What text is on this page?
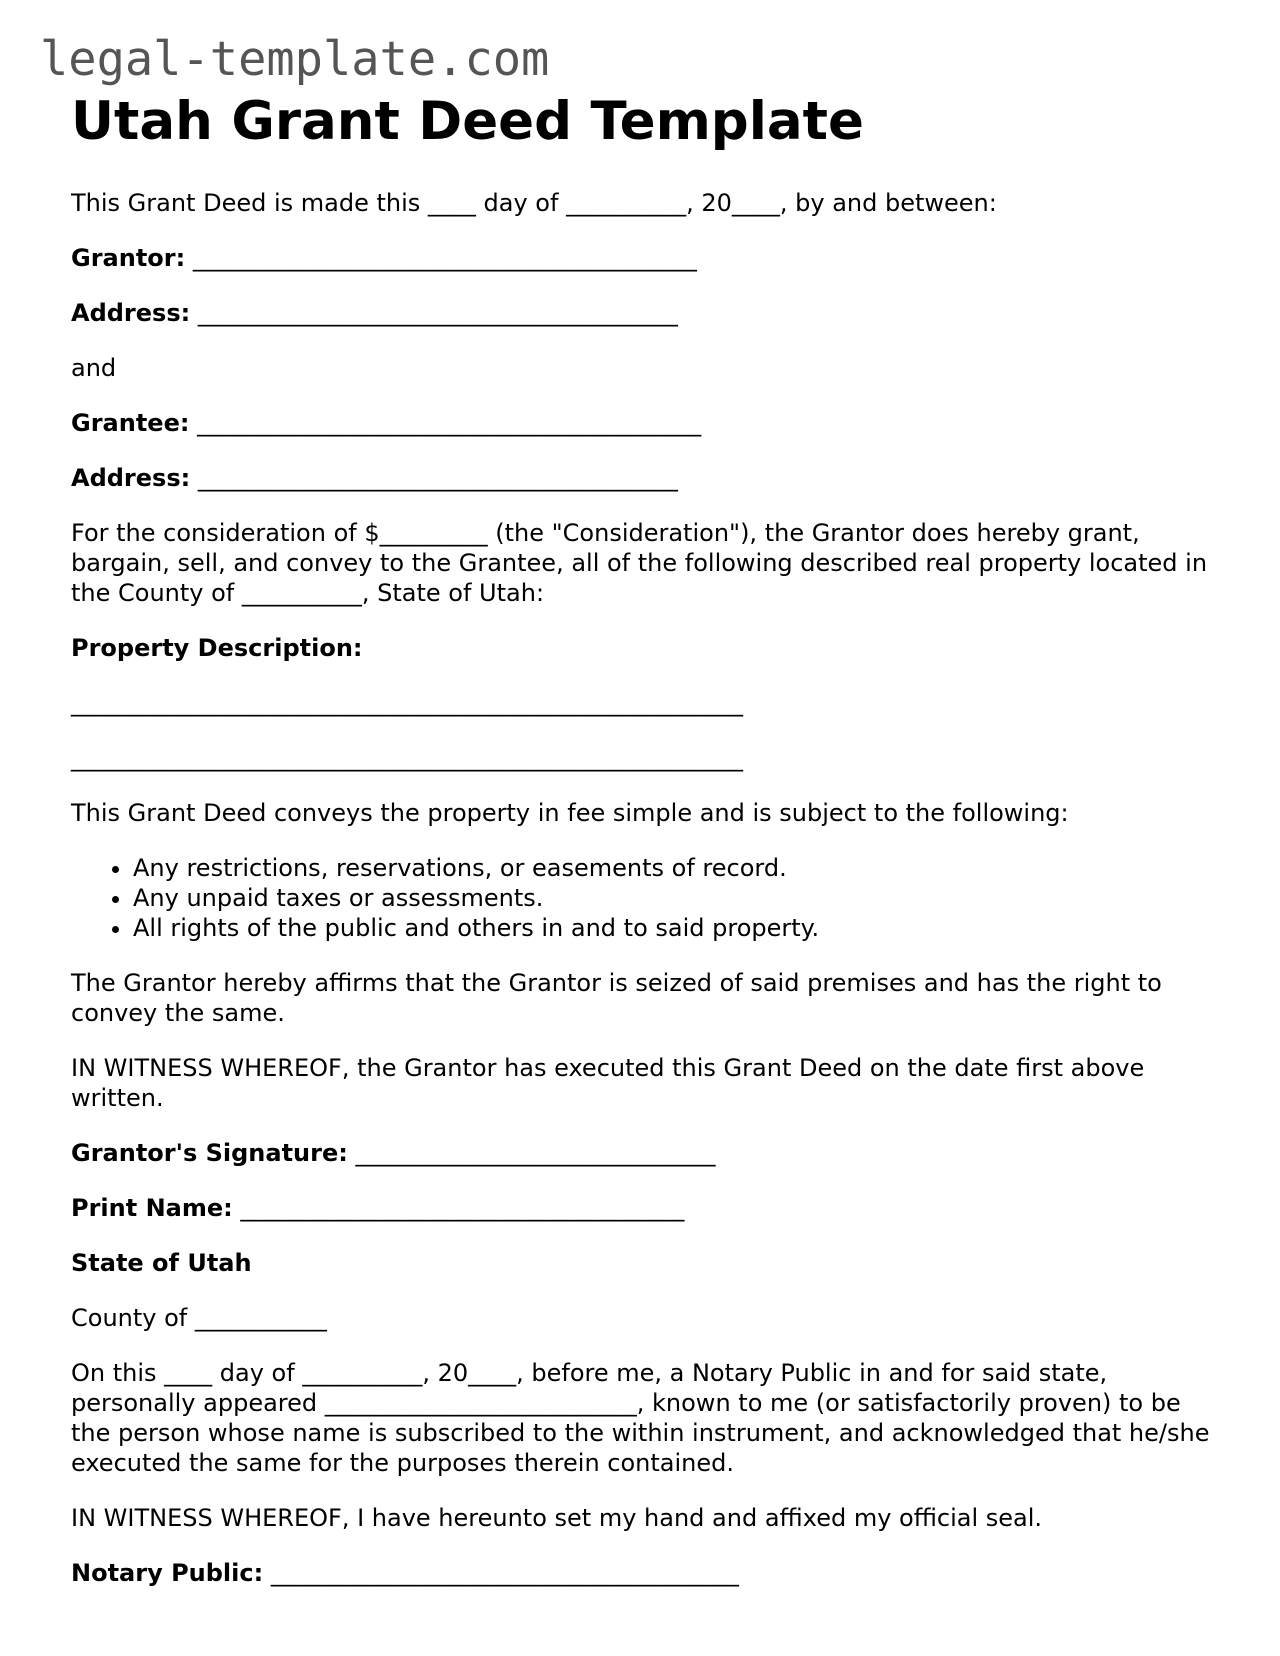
legal-template.com
Utah Grant Deed Template

This Grant Deed is made this ____ day of __________, 20____, by and between:

Grantor: __________________________________________

Address: ________________________________________

and

Grantee: __________________________________________

Address: ________________________________________

For the consideration of $_________ (the "Consideration"), the Grantor does hereby grant, bargain, sell, and convey to the Grantee, all of the following described real property located in the County of __________, State of Utah:

Property Description:

________________________________________________________
________________________________________________________

This Grant Deed conveys the property in fee simple and is subject to the following:

• Any restrictions, reservations, or easements of record.
• Any unpaid taxes or assessments.
• All rights of the public and others in and to said property.

The Grantor hereby affirms that the Grantor is seized of said premises and has the right to convey the same.

IN WITNESS WHEREOF, the Grantor has executed this Grant Deed on the date first above written.

Grantor's Signature: ______________________________

Print Name: _____________________________________

State of Utah

County of ___________

On this ____ day of __________, 20____, before me, a Notary Public in and for said state, personally appeared __________________________, known to me (or satisfactorily proven) to be the person whose name is subscribed to the within instrument, and acknowledged that he/she executed the same for the purposes therein contained.

IN WITNESS WHEREOF, I have hereunto set my hand and affixed my official seal.

Notary Public: _______________________________________
